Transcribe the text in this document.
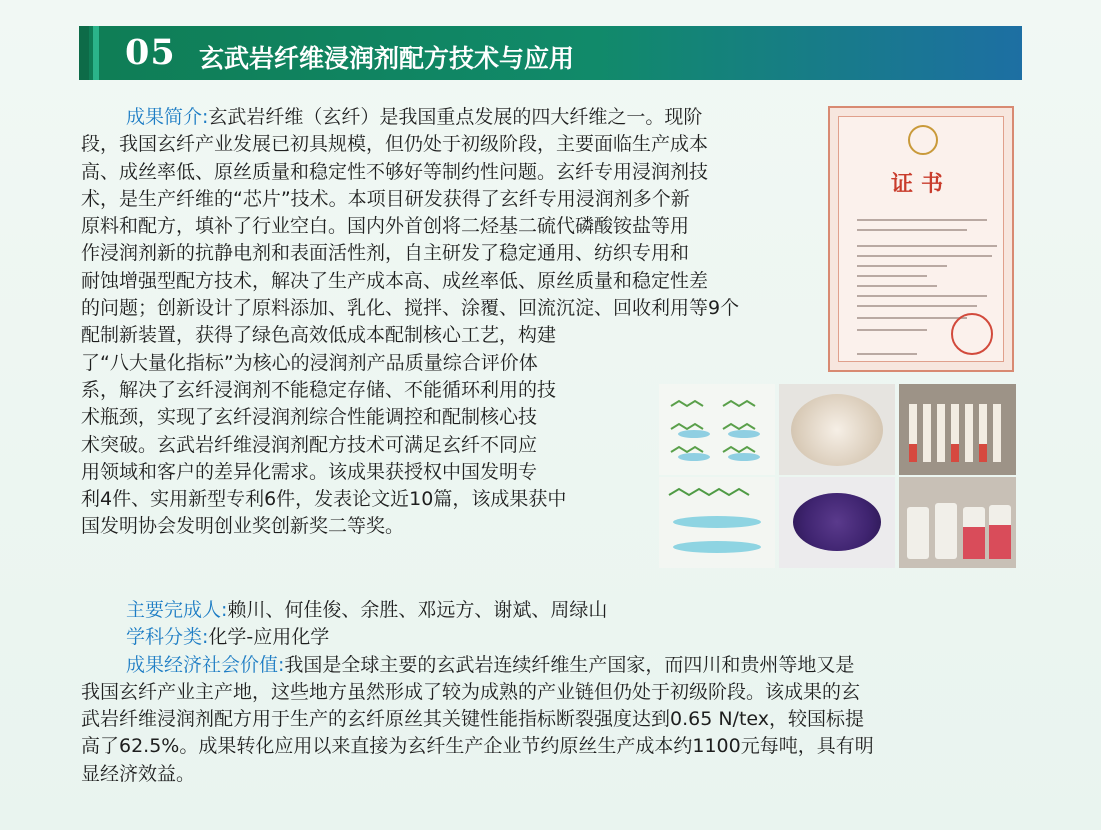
05 玄武岩纤维浸润剂配方技术与应用
成果简介:玄武岩纤维（玄纤）是我国重点发展的四大纤维之一。现阶
段，我国玄纤产业发展已初具规模，但仍处于初级阶段，主要面临生产成本
高、成丝率低、原丝质量和稳定性不够好等制约性问题。玄纤专用浸润剂技
术，是生产纤维的“芯片”技术。本项目研发获得了玄纤专用浸润剂多个新
原料和配方，填补了行业空白。国内外首创将二烃基二硫代磷酸铵盐等用
作浸润剂新的抗静电剂和表面活性剂，自主研发了稳定通用、纺织专用和
耐蚀增强型配方技术，解决了生产成本高、成丝率低、原丝质量和稳定性差
的问题；创新设计了原料添加、乳化、搅拌、涂覆、回流沉淀、回收利用等9个
配制新装置，获得了绿色高效低成本配制核心工艺，构建
了“八大量化指标”为核心的浸润剂产品质量综合评价体
系，解决了玄纤浸润剂不能稳定存储、不能循环利用的技
术瓶颈，实现了玄纤浸润剂综合性能调控和配制核心技
术突破。玄武岩纤维浸润剂配方技术可满足玄纤不同应
用领域和客户的差异化需求。该成果获授权中国发明专
利4件、实用新型专利6件，发表论文近10篇，该成果获中
国发明协会发明创业奖创新奖二等奖。
主要完成人:赖川、何佳俊、余胜、邓远方、谢斌、周绿山
学科分类:化学-应用化学
成果经济社会价值:我国是全球主要的玄武岩连续纤维生产国家，而四川和贵州等地又是
我国玄纤产业主产地，这些地方虽然形成了较为成熟的产业链但仍处于初级阶段。该成果的玄
武岩纤维浸润剂配方用于生产的玄纤原丝其关键性能指标断裂强度达到0.65 N/tex，较国标提
高了62.5%。成果转化应用以来直接为玄纤生产企业节约原丝生产成本约1100元每吨，具有明
显经济效益。
证书
